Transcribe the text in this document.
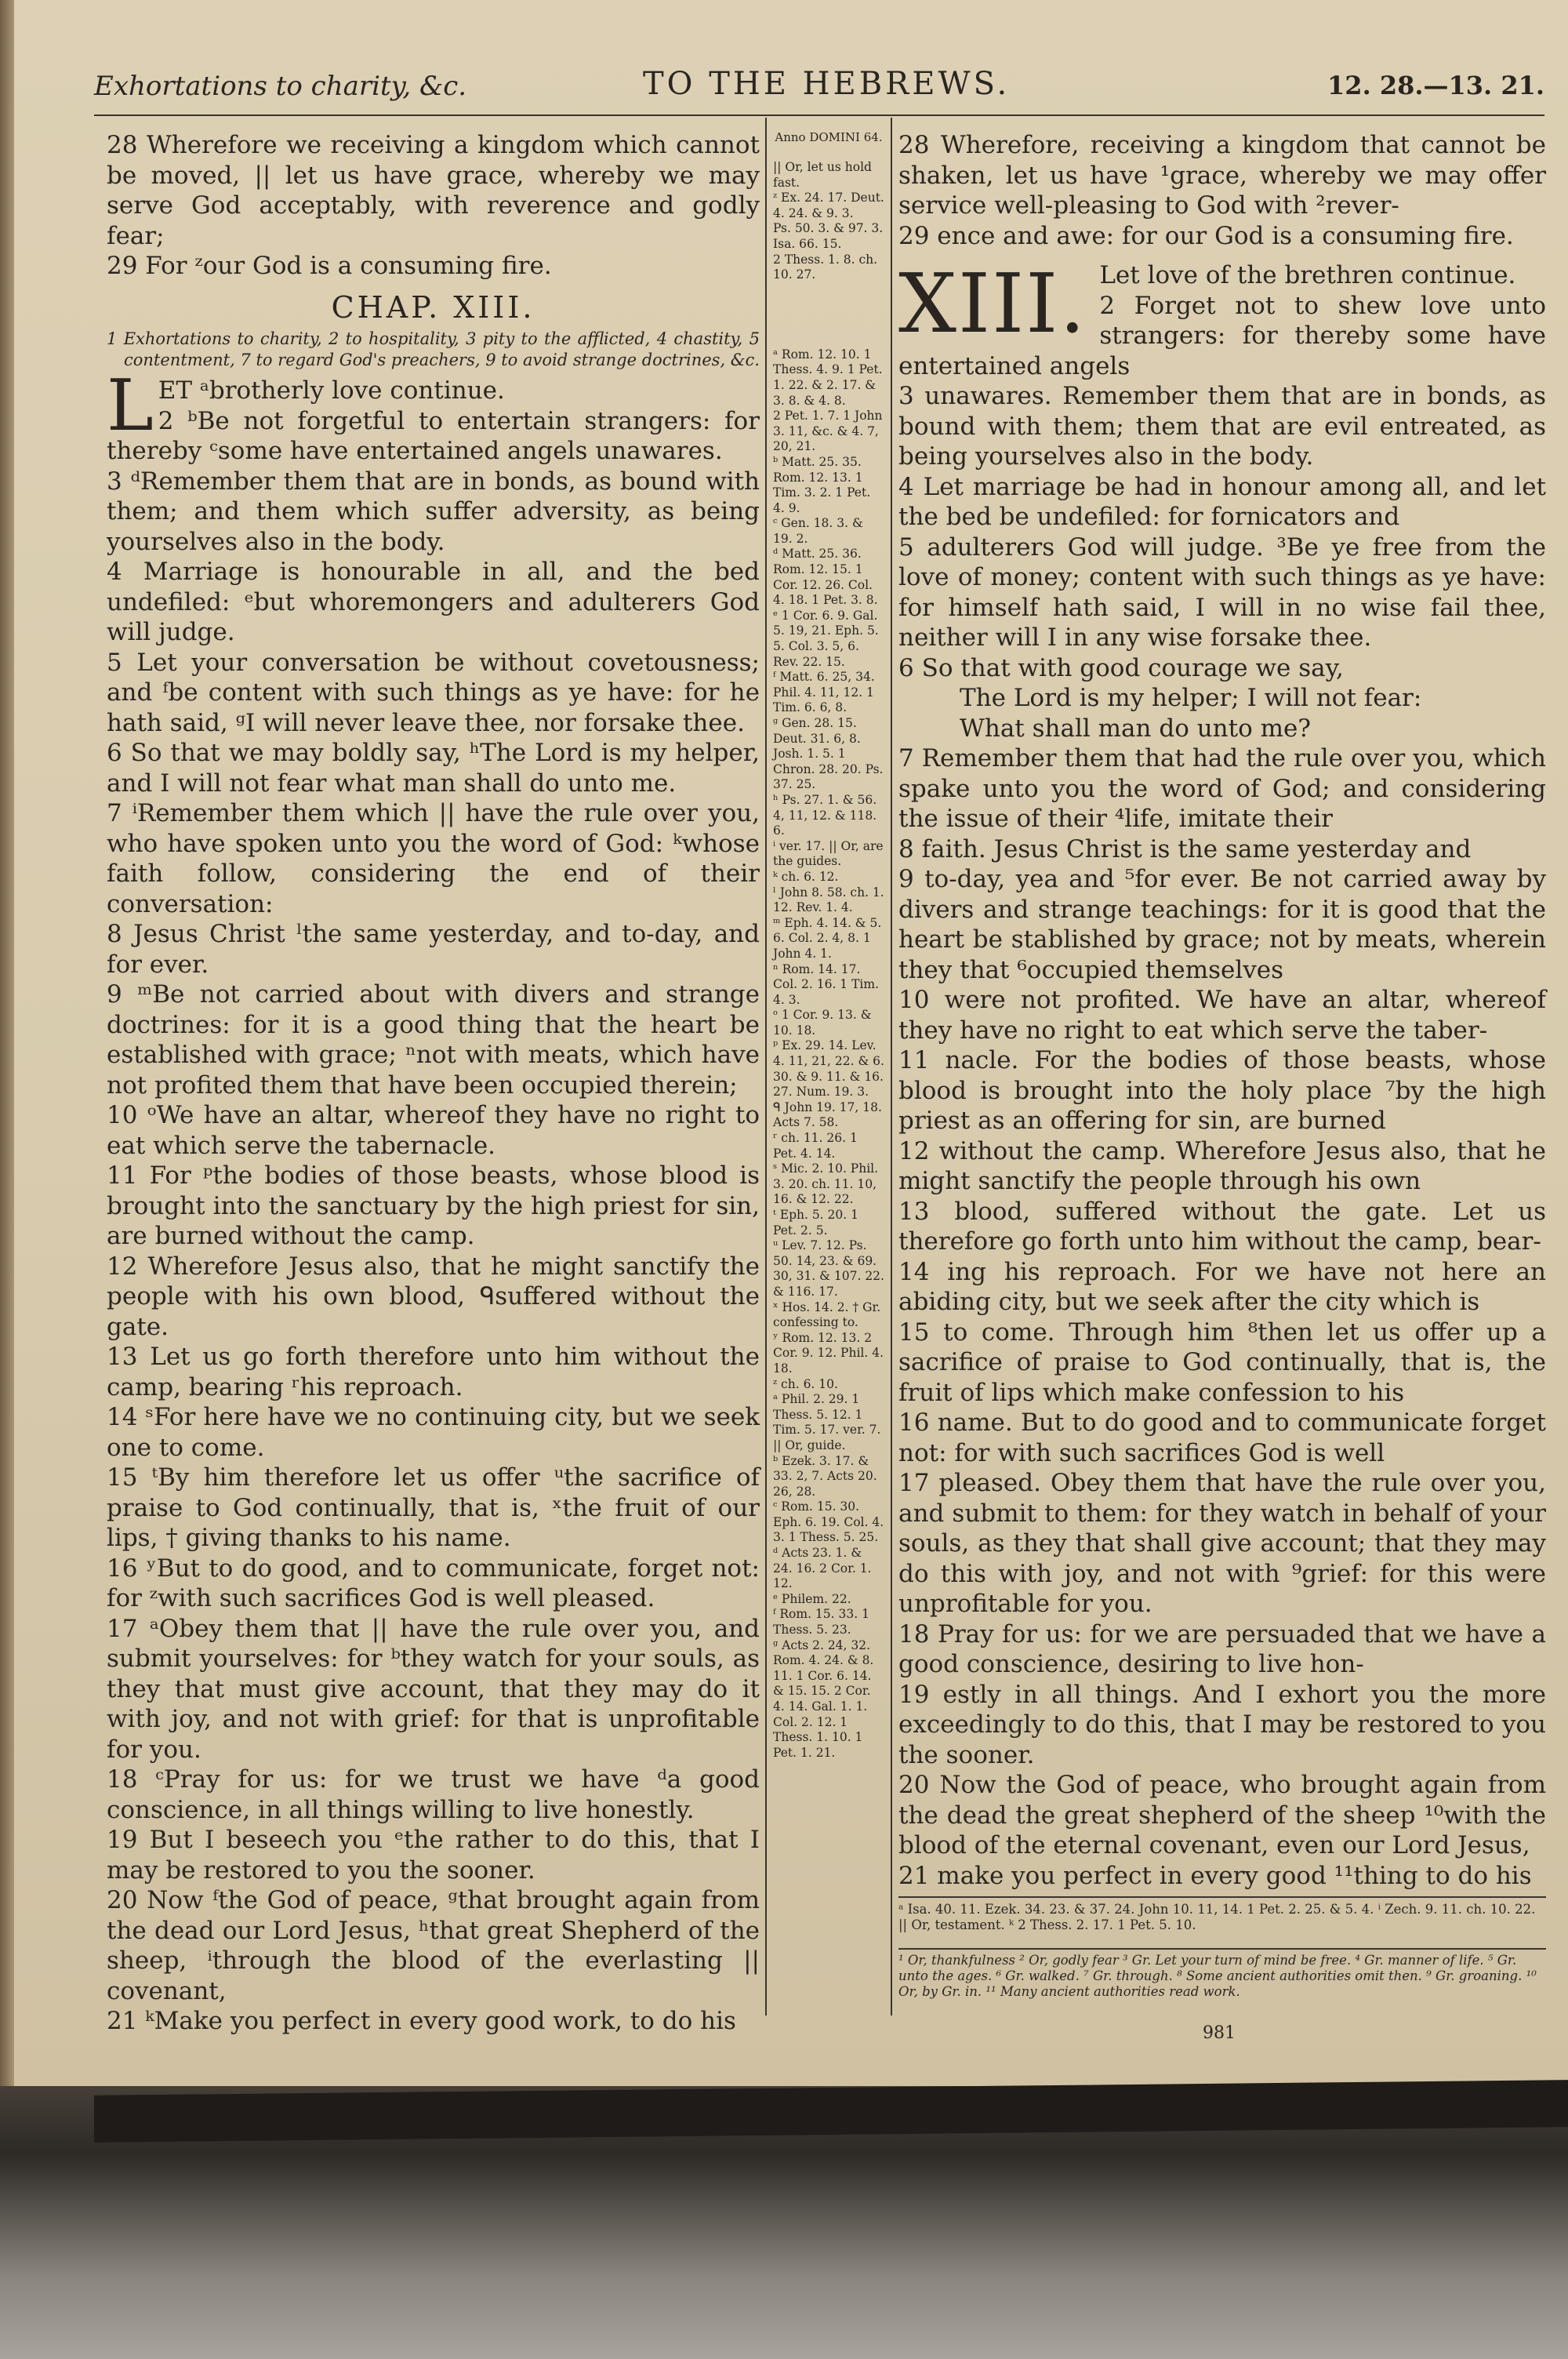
Exhortations to charity, &c.	TO THE HEBREWS.	12. 28.—13. 21.

28 Wherefore we receiving a kingdom which cannot be moved, || let us have grace, whereby we may serve God acceptably, with reverence and godly fear;

29 For ᶻour God is a consuming fire.

CHAP. XIII.

1 Exhortations to charity, 2 to hospitality, 3 pity to the afflicted, 4 chastity, 5 contentment, 7 to regard God's preachers, 9 to avoid strange doctrines, &c.

LET ᵃbrotherly love continue.

2 ᵇBe not forgetful to entertain strangers: for thereby ᶜsome have entertained angels unawares.

3 ᵈRemember them that are in bonds, as bound with them; and them which suffer adversity, as being yourselves also in the body.

4 Marriage is honourable in all, and the bed undefiled: ᵉbut whoremongers and adulterers God will judge.

5 Let your conversation be without covetousness; and ᶠbe content with such things as ye have: for he hath said, ᵍI will never leave thee, nor forsake thee.

6 So that we may boldly say, ʰThe Lord is my helper, and I will not fear what man shall do unto me.

7 ⁱRemember them which || have the rule over you, who have spoken unto you the word of God: ᵏwhose faith follow, considering the end of their conversation:

8 Jesus Christ ˡthe same yesterday, and to-day, and for ever.

9 ᵐBe not carried about with divers and strange doctrines: for it is a good thing that the heart be established with grace; ⁿnot with meats, which have not profited them that have been occupied therein;

10 ᵒWe have an altar, whereof they have no right to eat which serve the tabernacle.

11 For ᵖthe bodies of those beasts, whose blood is brought into the sanctuary by the high priest for sin, are burned without the camp.

12 Wherefore Jesus also, that he might sanctify the people with his own blood, ᑫsuffered without the gate.

13 Let us go forth therefore unto him without the camp, bearing ʳhis reproach.

14 ˢFor here have we no continuing city, but we seek one to come.

15 ᵗBy him therefore let us offer ᵘthe sacrifice of praise to God continually, that is, ˣthe fruit of our lips, † giving thanks to his name.

16 ʸBut to do good, and to communicate, forget not: for ᶻwith such sacrifices God is well pleased.

17 ᵃObey them that || have the rule over you, and submit yourselves: for ᵇthey watch for your souls, as they that must give account, that they may do it with joy, and not with grief: for that is unprofitable for you.

18 ᶜPray for us: for we trust we have ᵈa good conscience, in all things willing to live honestly.

19 But I beseech you ᵉthe rather to do this, that I may be restored to you the sooner.

20 Now ᶠthe God of peace, ᵍthat brought again from the dead our Lord Jesus, ʰthat great Shepherd of the sheep, ⁱthrough the blood of the everlasting || covenant,

21 ᵏMake you perfect in every good work, to do his

Anno DOMINI 64.
|| Or, let us hold fast.
ᶻ Ex. 24. 17. Deut. 4. 24. & 9. 3.
Ps. 50. 3. & 97. 3. Isa. 66. 15.
2 Thess. 1. 8. ch. 10. 27.
ᵃ Rom. 12. 10. 1 Thess. 4. 9. 1 Pet. 1. 22. & 2. 17. & 3. 8. & 4. 8.
2 Pet. 1. 7. 1 John 3. 11, &c. & 4. 7, 20, 21.
ᵇ Matt. 25. 35. Rom. 12. 13. 1 Tim. 3. 2. 1 Pet. 4. 9.
ᶜ Gen. 18. 3. & 19. 2.
ᵈ Matt. 25. 36. Rom. 12. 15. 1 Cor. 12. 26. Col. 4. 18. 1 Pet. 3. 8.
ᵉ 1 Cor. 6. 9. Gal. 5. 19, 21. Eph. 5. 5. Col. 3. 5, 6. Rev. 22. 15.
ᶠ Matt. 6. 25, 34. Phil. 4. 11, 12. 1 Tim. 6. 6, 8.
ᵍ Gen. 28. 15. Deut. 31. 6, 8. Josh. 1. 5. 1 Chron. 28. 20. Ps. 37. 25.
ʰ Ps. 27. 1. & 56. 4, 11, 12. & 118. 6.
ⁱ ver. 17. || Or, are the guides.
ᵏ ch. 6. 12.
ˡ John 8. 58. ch. 1. 12. Rev. 1. 4.
ᵐ Eph. 4. 14. & 5. 6. Col. 2. 4, 8. 1 John 4. 1.
ⁿ Rom. 14. 17. Col. 2. 16. 1 Tim. 4. 3.
ᵒ 1 Cor. 9. 13. & 10. 18.
ᵖ Ex. 29. 14. Lev. 4. 11, 21, 22. & 6. 30. & 9. 11. & 16. 27. Num. 19. 3.
ᑫ John 19. 17, 18. Acts 7. 58.
ʳ ch. 11. 26. 1 Pet. 4. 14.
ˢ Mic. 2. 10. Phil. 3. 20. ch. 11. 10, 16. & 12. 22.
ᵗ Eph. 5. 20. 1 Pet. 2. 5.
ᵘ Lev. 7. 12. Ps. 50. 14, 23. & 69. 30, 31. & 107. 22. & 116. 17.
ˣ Hos. 14. 2. † Gr. confessing to.
ʸ Rom. 12. 13. 2 Cor. 9. 12. Phil. 4. 18.
ᶻ ch. 6. 10.
ᵃ Phil. 2. 29. 1 Thess. 5. 12. 1 Tim. 5. 17. ver. 7. || Or, guide.
ᵇ Ezek. 3. 17. & 33. 2, 7. Acts 20. 26, 28.
ᶜ Rom. 15. 30. Eph. 6. 19. Col. 4. 3. 1 Thess. 5. 25.
ᵈ Acts 23. 1. & 24. 16. 2 Cor. 1. 12.
ᵉ Philem. 22.
ᶠ Rom. 15. 33. 1 Thess. 5. 23.
ᵍ Acts 2. 24, 32. Rom. 4. 24. & 8. 11. 1 Cor. 6. 14. & 15. 15. 2 Cor. 4. 14. Gal. 1. 1. Col. 2. 12. 1 Thess. 1. 10. 1 Pet. 1. 21.

28 Wherefore, receiving a kingdom that cannot be shaken, let us have ¹grace, whereby we may offer service well-pleasing to God with ²rever-

29 ence and awe: for our God is a consuming fire.

XIII. Let love of the brethren continue.

2 Forget not to shew love unto strangers: for thereby some have entertained angels

3 unawares. Remember them that are in bonds, as bound with them; them that are evil entreated, as being yourselves also in the body.

4 Let marriage be had in honour among all, and let the bed be undefiled: for fornicators and

5 adulterers God will judge. ³Be ye free from the love of money; content with such things as ye have: for himself hath said, I will in no wise fail thee, neither will I in any wise forsake thee.

6 So that with good courage we say,

The Lord is my helper; I will not fear:

What shall man do unto me?

7 Remember them that had the rule over you, which spake unto you the word of God; and considering the issue of their ⁴life, imitate their

8 faith. Jesus Christ is the same yesterday and

9 to-day, yea and ⁵for ever. Be not carried away by divers and strange teachings: for it is good that the heart be stablished by grace; not by meats, wherein they that ⁶occupied themselves

10 were not profited. We have an altar, whereof they have no right to eat which serve the taber-

11 nacle. For the bodies of those beasts, whose blood is brought into the holy place ⁷by the high priest as an offering for sin, are burned

12 without the camp. Wherefore Jesus also, that he might sanctify the people through his own

13 blood, suffered without the gate. Let us therefore go forth unto him without the camp, bear-

14 ing his reproach. For we have not here an abiding city, but we seek after the city which is

15 to come. Through him ⁸then let us offer up a sacrifice of praise to God continually, that is, the fruit of lips which make confession to his

16 name. But to do good and to communicate forget not: for with such sacrifices God is well

17 pleased. Obey them that have the rule over you, and submit to them: for they watch in behalf of your souls, as they that shall give account; that they may do this with joy, and not with ⁹grief: for this were unprofitable for you.

18 Pray for us: for we are persuaded that we have a good conscience, desiring to live hon-

19 estly in all things. And I exhort you the more exceedingly to do this, that I may be restored to you the sooner.

20 Now the God of peace, who brought again from the dead the great shepherd of the sheep ¹⁰with the blood of the eternal covenant, even our Lord Jesus,

21 make you perfect in every good ¹¹thing to do his

ᵃ Isa. 40. 11. Ezek. 34. 23. & 37. 24. John 10. 11, 14. 1 Pet. 2. 25. & 5. 4. ⁱ Zech. 9. 11. ch. 10. 22. || Or, testament. ᵏ 2 Thess. 2. 17. 1 Pet. 5. 10.
¹ Or, thankfulness ² Or, godly fear ³ Gr. Let your turn of mind be free. ⁴ Gr. manner of life. ⁵ Gr. unto the ages. ⁶ Gr. walked. ⁷ Gr. through. ⁸ Some ancient authorities omit then. ⁹ Gr. groaning. ¹⁰ Or, by Gr. in. ¹¹ Many ancient authorities read work.
981
